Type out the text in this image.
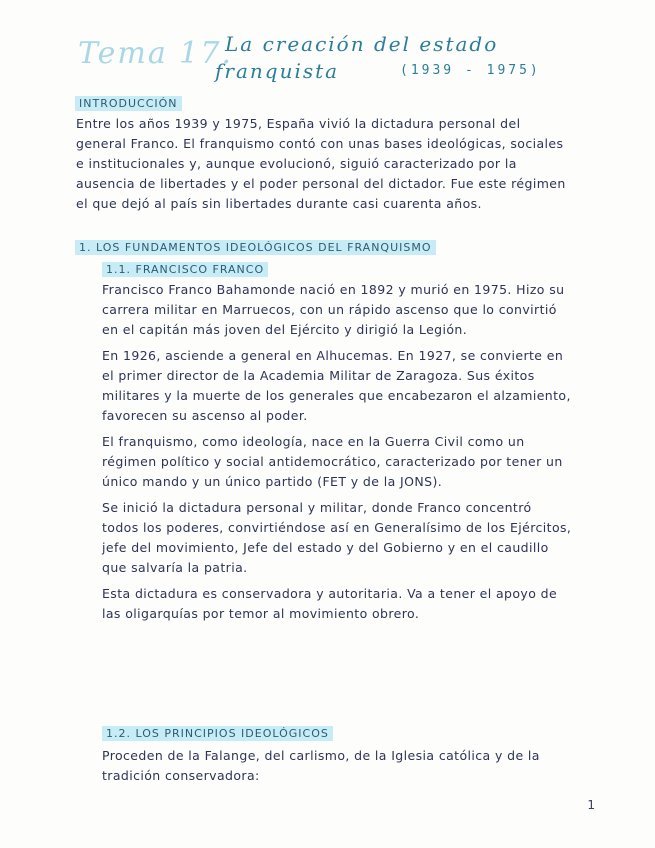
Tema 17.
La creación del estado
franquista	(1939 - 1975)
INTRODUCCIÓN
Entre los años 1939 y 1975, España vivió la dictadura personal del general Franco. El franquismo contó con unas bases ideológicas, sociales e institucionales y, aunque evolucionó, siguió caracterizado por la ausencia de libertades y el poder personal del dictador. Fue este régimen el que dejó al país sin libertades durante casi cuarenta años.
1. LOS FUNDAMENTOS IDEOLÓGICOS DEL FRANQUISMO
1.1. FRANCISCO FRANCO

Francisco Franco Bahamonde nació en 1892 y murió en 1975. Hizo su carrera militar en Marruecos, con un rápido ascenso que lo convirtió en el capitán más joven del Ejército y dirigió la Legión.

En 1926, asciende a general en Alhucemas. En 1927, se convierte en el primer director de la Academia Militar de Zaragoza. Sus éxitos militares y la muerte de los generales que encabezaron el alzamiento, favorecen su ascenso al poder.

El franquismo, como ideología, nace en la Guerra Civil como un régimen político y social antidemocrático, caracterizado por tener un único mando y un único partido (FET y de la JONS).

Se inició la dictadura personal y militar, donde Franco concentró todos los poderes, convirtiéndose así en Generalísimo de los Ejércitos, jefe del movimiento, Jefe del estado y del Gobierno y en el caudillo que salvaría la patria.

Esta dictadura es conservadora y autoritaria. Va a tener el apoyo de las oligarquías por temor al movimiento obrero.

1.2. LOS PRINCIPIOS IDEOLÓGICOS

Proceden de la Falange, del carlismo, de la Iglesia católica y de la tradición conservadora:

1
